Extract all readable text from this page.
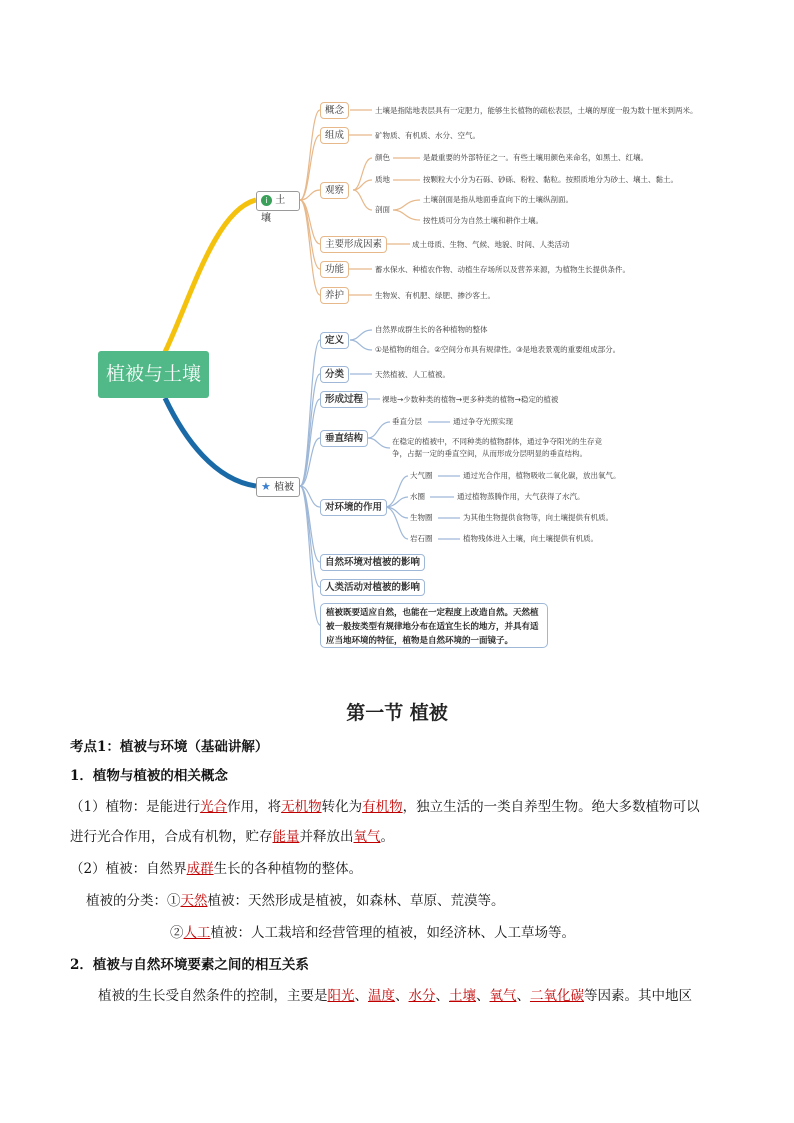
植被与土壤
i 土壤
概念	土壤是指陆地表层具有一定肥力，能够生长植物的疏松表层，土壤的厚度一般为数十厘米到两米。
组成	矿物质、有机质、水分、空气。
观察
颜色	是最重要的外部特征之一。有些土壤用颜色来命名，如黑土、红壤。
质地	按颗粒大小分为石砾、砂砾、粉粒、黏粒。按照质地分为砂土、壤土、黏土。
剖面
土壤剖面是指从地面垂直向下的土壤纵剖面。
按性质可分为自然土壤和耕作土壤。
主要形成因素	成土母质、生物、气候、地貌、时间、人类活动
功能	蓄水保水、种植农作物、动植生存场所以及营养来源，为植物生长提供条件。
养护	生物炭、有机肥、绿肥、掺沙客土。
★ 植被
定义
自然界成群生长的各种植物的整体
①是植物的组合。②空间分布具有规律性。③是地表景观的重要组成部分。
分类	天然植被、人工植被。
形成过程	裸地→少数种类的植物→更多种类的植物→稳定的植被
垂直结构
垂直分层	通过争夺光照实现
在稳定的植被中，不同种类的植物群体，通过争夺阳光的生存竞
争，占据一定的垂直空间，从而形成分层明显的垂直结构。
对环境的作用
大气圈	通过光合作用，植物吸收二氧化碳，放出氧气。
水圈	通过植物蒸腾作用，大气获得了水汽。
生物圈	为其他生物提供食物等，向土壤提供有机质。
岩石圈	植物残体进入土壤，向土壤提供有机质。
自然环境对植被的影响
人类活动对植被的影响
植被既要适应自然，也能在一定程度上改造自然。天然植被一般按类型有规律地分布在适宜生长的地方，并具有适应当地环境的特征，植物是自然环境的一面镜子。
第一节 植被
考点1：植被与环境（基础讲解）
1．植物与植被的相关概念
（1）植物：是能进行光合作用，将无机物转化为有机物，独立生活的一类自养型生物。绝大多数植物可以
进行光合作用，合成有机物，贮存能量并释放出氧气。
（2）植被：自然界成群生长的各种植物的整体。
植被的分类：①天然植被：天然形成是植被，如森林、草原、荒漠等。
②人工植被：人工栽培和经营管理的植被，如经济林、人工草场等。
2．植被与自然环境要素之间的相互关系
植被的生长受自然条件的控制，主要是阳光、温度、水分、土壤、氧气、二氧化碳等因素。其中地区
